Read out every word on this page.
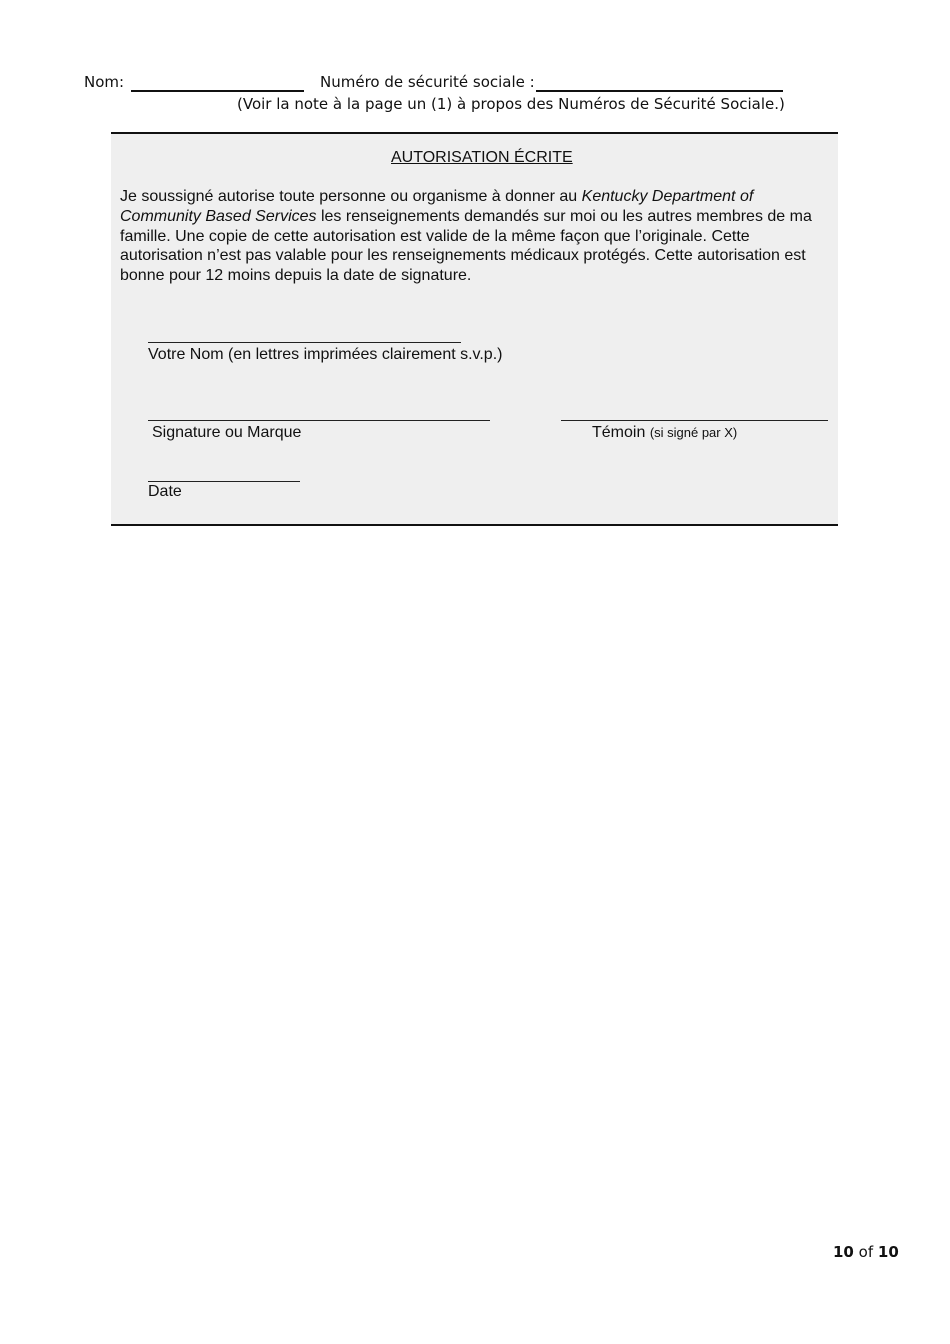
Nom:	Numéro de sécurité sociale :
(Voir la note à la page un (1) à propos des Numéros de Sécurité Sociale.)
AUTORISATION ÉCRITE
Je soussigné autorise toute personne ou organisme à donner au Kentucky Department of Community Based Services les renseignements demandés sur moi ou les autres membres de ma famille. Une copie de cette autorisation est valide de la même façon que l’originale. Cette autorisation n’est pas valable pour les renseignements médicaux protégés. Cette autorisation est bonne pour 12 moins depuis la date de signature.
Votre Nom (en lettres imprimées clairement s.v.p.)
Signature ou Marque	Témoin (si signé par X)
Date
10 of 10
